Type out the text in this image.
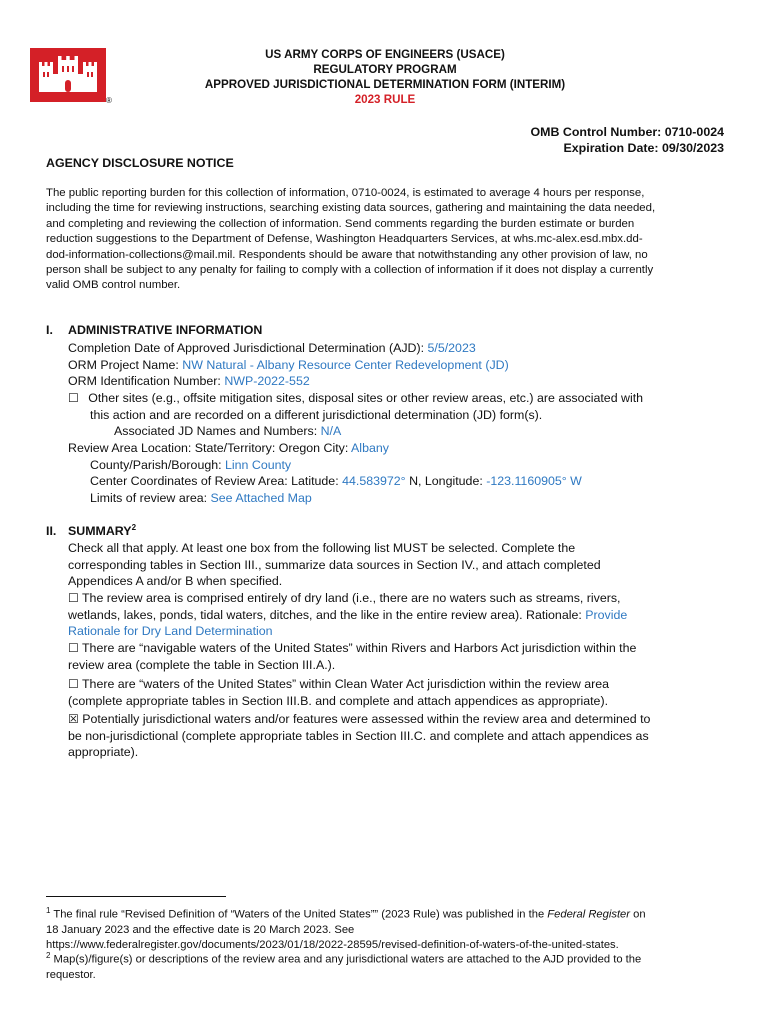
®
US ARMY CORPS OF ENGINEERS (USACE)
REGULATORY PROGRAM
APPROVED JURISDICTIONAL DETERMINATION FORM (INTERIM)
2023 RULE
OMB Control Number: 0710-0024
Expiration Date: 09/30/2023
AGENCY DISCLOSURE NOTICE
The public reporting burden for this collection of information, 0710-0024, is estimated to average 4 hours per response,
including the time for reviewing instructions, searching existing data sources, gathering and maintaining the data needed,
and completing and reviewing the collection of information. Send comments regarding the burden estimate or burden
reduction suggestions to the Department of Defense, Washington Headquarters Services, at whs.mc-alex.esd.mbx.dd-
dod-information-collections@mail.mil. Respondents should be aware that notwithstanding any other provision of law, no
person shall be subject to any penalty for failing to comply with a collection of information if it does not display a currently
valid OMB control number.
I. ADMINISTRATIVE INFORMATION
Completion Date of Approved Jurisdictional Determination (AJD): 5/5/2023
ORM Project Name: NW Natural - Albany Resource Center Redevelopment (JD)
ORM Identification Number: NWP-2022-552
☐ Other sites (e.g., offsite mitigation sites, disposal sites or other review areas, etc.) are associated with
this action and are recorded on a different jurisdictional determination (JD) form(s).
Associated JD Names and Numbers: N/A
Review Area Location: State/Territory: Oregon City: Albany
County/Parish/Borough: Linn County
Center Coordinates of Review Area: Latitude: 44.583972° N, Longitude: -123.1160905° W
Limits of review area: See Attached Map
II. SUMMARY$^2$
Check all that apply. At least one box from the following list MUST be selected. Complete the
corresponding tables in Section III., summarize data sources in Section IV., and attach completed
Appendices A and/or B when specified.
☐ The review area is comprised entirely of dry land (i.e., there are no waters such as streams, rivers,
wetlands, lakes, ponds, tidal waters, ditches, and the like in the entire review area). Rationale: Provide
Rationale for Dry Land Determination
☐ There are “navigable waters of the United States” within Rivers and Harbors Act jurisdiction within the
review area (complete the table in Section III.A.).
☐ There are “waters of the United States” within Clean Water Act jurisdiction within the review area
(complete appropriate tables in Section III.B. and complete and attach appendices as appropriate).
☒ Potentially jurisdictional waters and/or features were assessed within the review area and determined to
be non-jurisdictional (complete appropriate tables in Section III.C. and complete and attach appendices as
appropriate).
$^1$ The final rule “Revised Definition of “Waters of the United States”” (2023 Rule) was published in the Federal Register on
18 January 2023 and the effective date is 20 March 2023. See
https://www.federalregister.gov/documents/2023/01/18/2022-28595/revised-definition-of-waters-of-the-united-states.
$^2$ Map(s)/figure(s) or descriptions of the review area and any jurisdictional waters are attached to the AJD provided to the
requestor.
